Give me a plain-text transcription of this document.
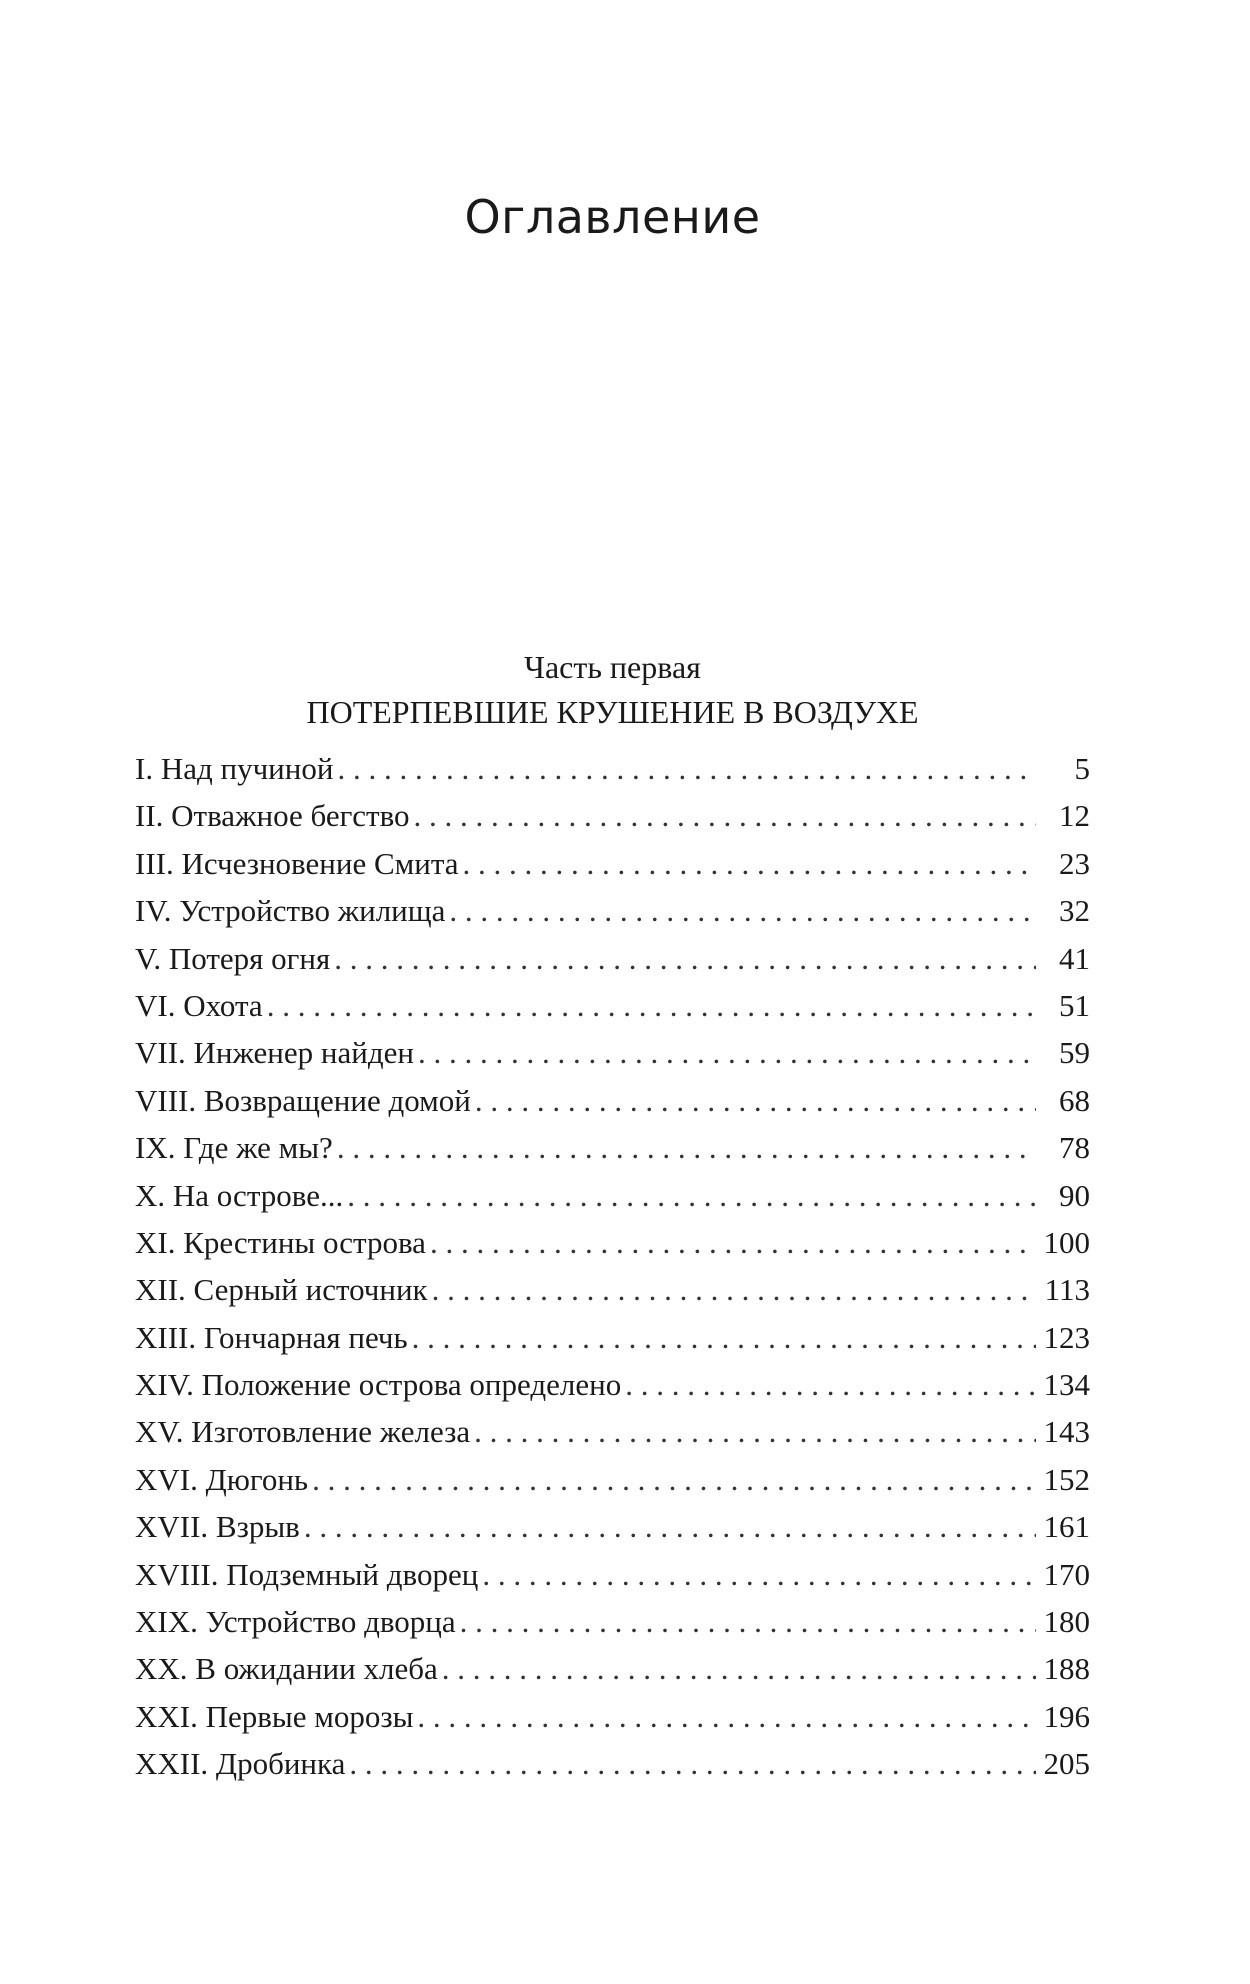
Оглавление
Часть первая
ПОТЕРПЕВШИЕ КРУШЕНИЕ В ВОЗДУХЕ
I. Над пучиной . . .	5
II. Отважное бегство . . .	12
III. Исчезновение Смита . . .	23
IV. Устройство жилища . . .	32
V. Потеря огня . . .	41
VI. Охота . . .	51
VII. Инженер найден . . .	59
VIII. Возвращение домой . . .	68
IX. Где же мы? . . .	78
X. На острове... . . .	90
XI. Крестины острова . . .	100
XII. Серный источник . . .	113
XIII. Гончарная печь . . .	123
XIV. Положение острова определено . . .	134
XV. Изготовление железа . . .	143
XVI. Дюгонь . . .	152
XVII. Взрыв . . .	161
XVIII. Подземный дворец . . .	170
XIX. Устройство дворца . . .	180
XX. В ожидании хлеба . . .	188
XXI. Первые морозы . . .	196
XXII. Дробинка . . .	205
